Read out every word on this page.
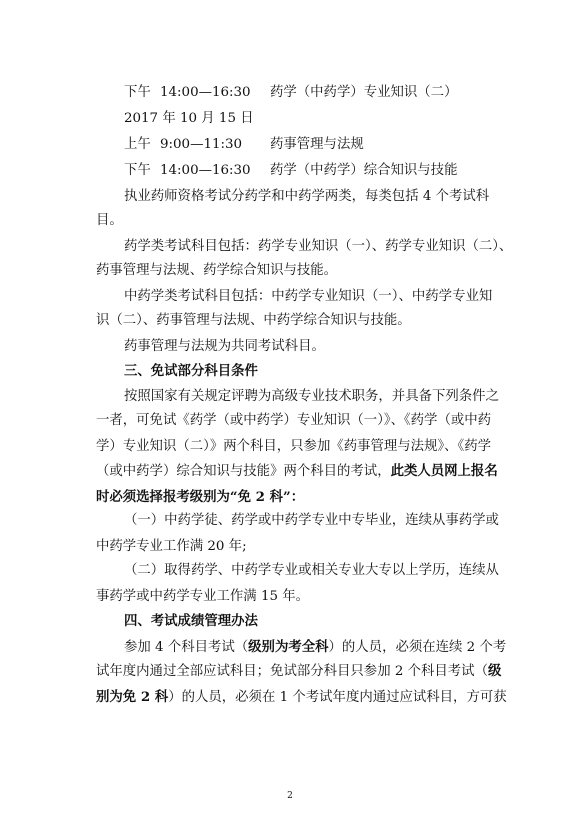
下午 14:00—16:30 药学（中药学）专业知识（二）
2017 年 10 月 15 日
上午 9:00—11:30 药事管理与法规
下午 14:00—16:30 药学（中药学）综合知识与技能
执业药师资格考试分药学和中药学两类，每类包括 4 个考试科
目。
药学类考试科目包括：药学专业知识（一）、药学专业知识（二）、
药事管理与法规、药学综合知识与技能。
中药学类考试科目包括：中药学专业知识（一）、中药学专业知
识（二）、药事管理与法规、中药学综合知识与技能。
药事管理与法规为共同考试科目。
三、免试部分科目条件
按照国家有关规定评聘为高级专业技术职务，并具备下列条件之
一者，可免试《药学（或中药学）专业知识（一）》、《药学（或中药
学）专业知识（二）》两个科目，只参加《药事管理与法规》、《药学
（或中药学）综合知识与技能》两个科目的考试，此类人员网上报名
时必须选择报考级别为“免 2 科”：
（一）中药学徒、药学或中药学专业中专毕业，连续从事药学或
中药学专业工作满 20 年;
（二）取得药学、中药学专业或相关专业大专以上学历，连续从
事药学或中药学专业工作满 15 年。
四、考试成绩管理办法
参加 4 个科目考试（级别为考全科）的人员，必须在连续 2 个考
试年度内通过全部应试科目；免试部分科目只参加 2 个科目考试（级
别为免 2 科）的人员，必须在 1 个考试年度内通过应试科目，方可获
2
